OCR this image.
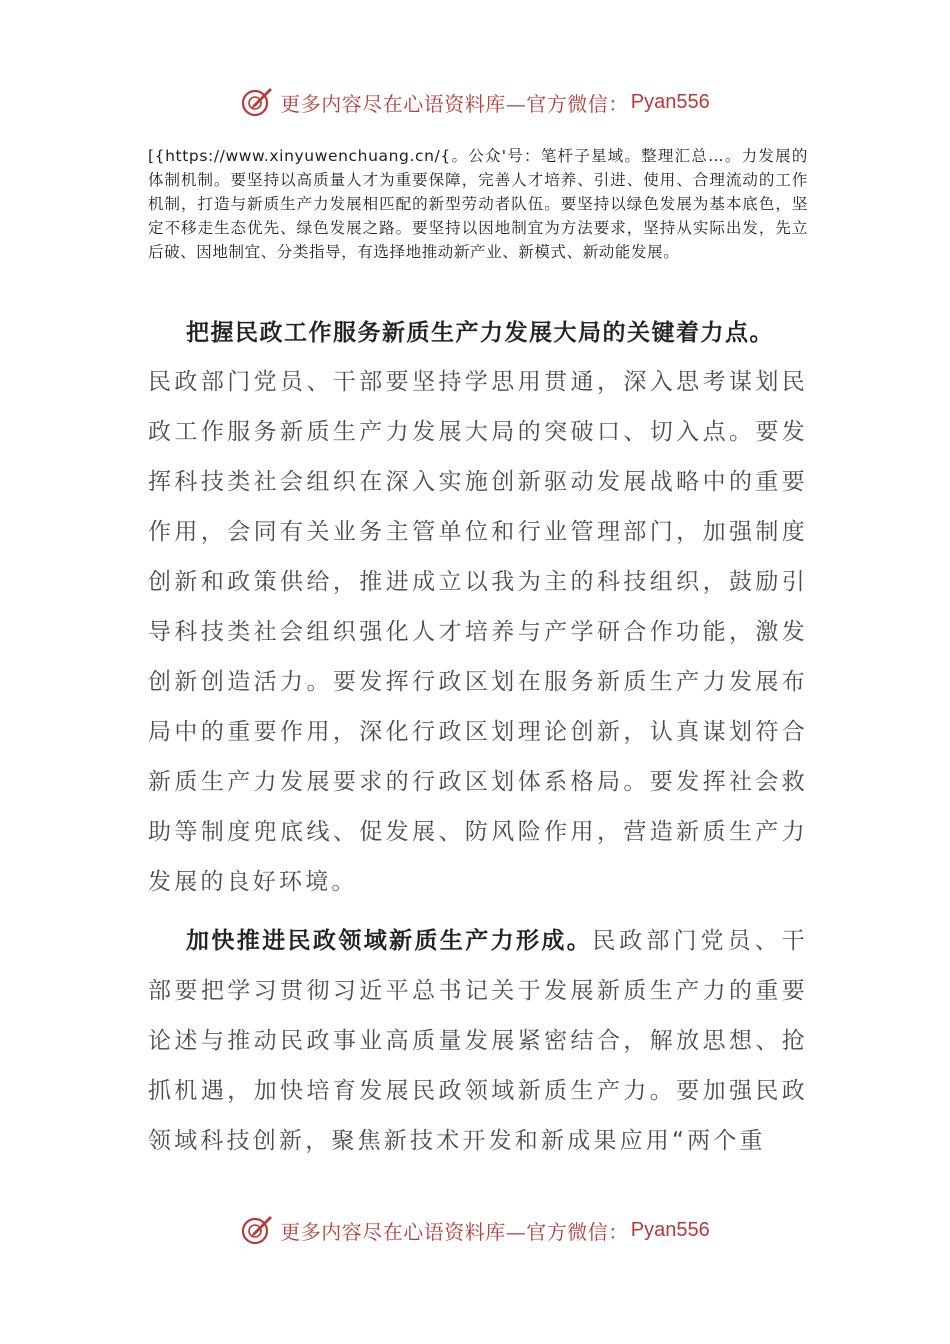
更多内容尽在心语资料库—官方微信： Pyan556

[{https://www.xinyuwenchuang.cn/{。公众'号：笔杆子星域。整理汇总…。力发展的体制机制。要坚持以高质量人才为重要保障，完善人才培养、引进、使用、合理流动的工作机制，打造与新质生产力发展相匹配的新型劳动者队伍。要坚持以绿色发展为基本底色，坚定不移走生态优先、绿色发展之路。要坚持以因地制宜为方法要求，坚持从实际出发，先立后破、因地制宜、分类指导，有选择地推动新产业、新模式、新动能发展。

把握民政工作服务新质生产力发展大局的关键着力点。

民政部门党员、干部要坚持学思用贯通，深入思考谋划民政工作服务新质生产力发展大局的突破口、切入点。要发挥科技类社会组织在深入实施创新驱动发展战略中的重要作用，会同有关业务主管单位和行业管理部门，加强制度创新和政策供给，推进成立以我为主的科技组织，鼓励引导科技类社会组织强化人才培养与产学研合作功能，激发创新创造活力。要发挥行政区划在服务新质生产力发展布局中的重要作用，深化行政区划理论创新，认真谋划符合新质生产力发展要求的行政区划体系格局。要发挥社会救助等制度兜底线、促发展、防风险作用，营造新质生产力发展的良好环境。

加快推进民政领域新质生产力形成。民政部门党员、干部要把学习贯彻习近平总书记关于发展新质生产力的重要论述与推动民政事业高质量发展紧密结合，解放思想、抢抓机遇，加快培育发展民政领域新质生产力。要加强民政领域科技创新，聚焦新技术开发和新成果应用“两个重

更多内容尽在心语资料库—官方微信： Pyan556
